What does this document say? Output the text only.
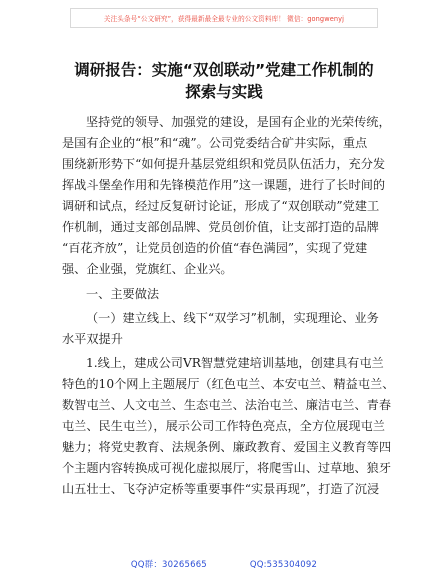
关注头条号“公文研究”，获得最新最全最专业的公文资料库！ 微信：gongwenyj
调研报告：实施“双创联动”党建工作机制的
探索与实践
坚持党的领导、加强党的建设，是国有企业的光荣传统，
是国有企业的“根”和“魂”。公司党委结合矿井实际，重点
围绕新形势下“如何提升基层党组织和党员队伍活力，充分发
挥战斗堡垒作用和先锋模范作用”这一课题，进行了长时间的
调研和试点，经过反复研讨论证，形成了“双创联动”党建工
作机制，通过支部创品牌、党员创价值，让支部打造的品牌
“百花齐放”，让党员创造的价值“春色满园”，实现了党建
强、企业强，党旗红、企业兴。
一、主要做法
（一）建立线上、线下“双学习”机制，实现理论、业务
水平双提升
1.线上，建成公司VR智慧党建培训基地，创建具有屯兰
特色的10个网上主题展厅（红色屯兰、本安屯兰、精益屯兰、
数智屯兰、人文屯兰、生态屯兰、法治屯兰、廉洁屯兰、青春
屯兰、民生屯兰），展示公司工作特色亮点，全方位展现屯兰
魅力；将党史教育、法规条例、廉政教育、爱国主义教育等四
个主题内容转换成可视化虚拟展厅，将爬雪山、过草地、狼牙
山五壮士、飞夺泸定桥等重要事件“实景再现”，打造了沉浸
QQ群：30265665	QQ:535304092
